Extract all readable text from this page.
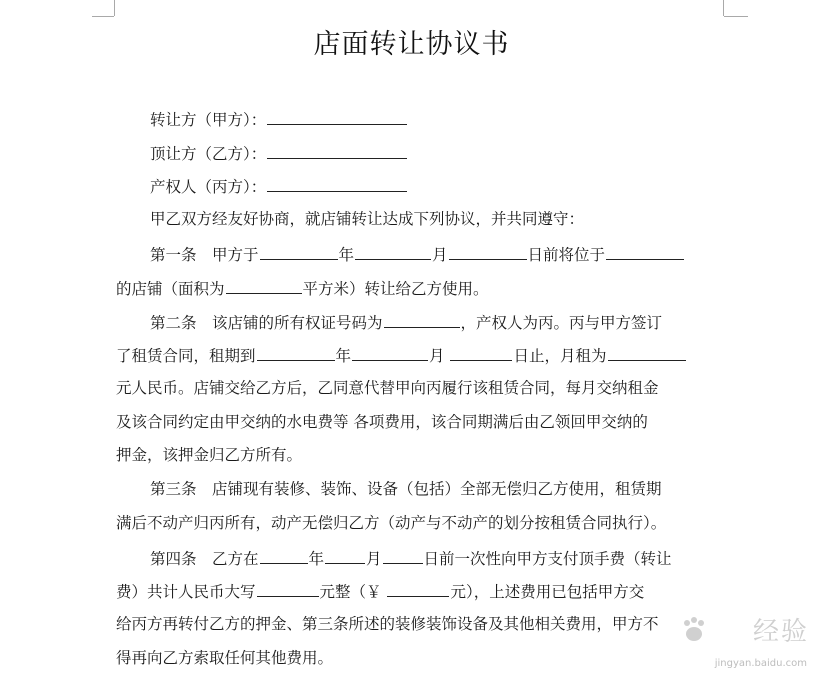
店面转让协议书
转让方（甲方）：
顶让方（乙方）：
产权人（丙方）：
甲乙双方经友好协商，就店铺转让达成下列协议，并共同遵守：
第一条　甲方于	年	月	日前将位于
的店铺（面积为	平方米）转让给乙方使用。
第二条　该店铺的所有权证号码为	，产权人为丙。丙与甲方签订
了租赁合同，租期到	年	月	日止，月租为
元人民币。店铺交给乙方后，乙同意代替甲向丙履行该租赁合同，每月交纳租金
及该合同约定由甲交纳的水电费等 各项费用，该合同期满后由乙领回甲交纳的
押金，该押金归乙方所有。
第三条　店铺现有装修、装饰、设备（包括）全部无偿归乙方使用，租赁期
满后不动产归丙所有，动产无偿归乙方（动产与不动产的划分按租赁合同执行）。
第四条　乙方在	年	月	日前一次性向甲方支付顶手费（转让
费）共计人民币大写	元整（￥	元），上述费用已包括甲方交
给丙方再转付乙方的押金、第三条所述的装修装饰设备及其他相关费用，甲方不
得再向乙方索取任何其他费用。
经验
jingyan.baidu.com
